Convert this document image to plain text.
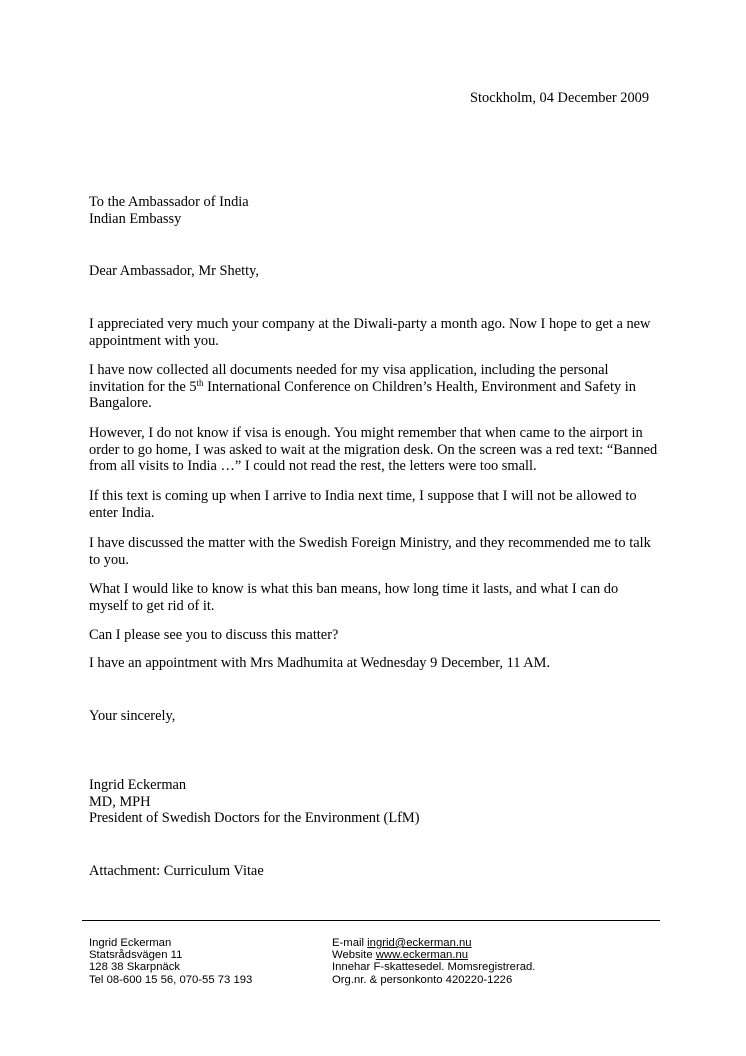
Stockholm, 04 December 2009
To the Ambassador of India
Indian Embassy
Dear Ambassador, Mr Shetty,

I appreciated very much your company at the Diwali-party a month ago. Now I hope to get a new appointment with you.

I have now collected all documents needed for my visa application, including the personal invitation for the 5th International Conference on Children’s Health, Environment and Safety in Bangalore.

However, I do not know if visa is enough. You might remember that when came to the airport in order to go home, I was asked to wait at the migration desk. On the screen was a red text: “Banned from all visits to India …” I could not read the rest, the letters were too small.

If this text is coming up when I arrive to India next time, I suppose that I will not be allowed to enter India.

I have discussed the matter with the Swedish Foreign Ministry, and they recommended me to talk to you.

What I would like to know is what this ban means, how long time it lasts, and what I can do myself to get rid of it.

Can I please see you to discuss this matter?

I have an appointment with Mrs Madhumita at Wednesday 9 December, 11 AM.

Your sincerely,
Ingrid Eckerman
MD, MPH
President of Swedish Doctors for the Environment (LfM)
Attachment: Curriculum Vitae
Ingrid Eckerman
Statsrådsvägen 11
128 38 Skarpnäck
Tel 08-600 15 56, 070-55 73 193
E-mail ingrid@eckerman.nu
Website www.eckerman.nu
Innehar F-skattesedel. Momsregistrerad.
Org.nr. & personkonto 420220-1226
